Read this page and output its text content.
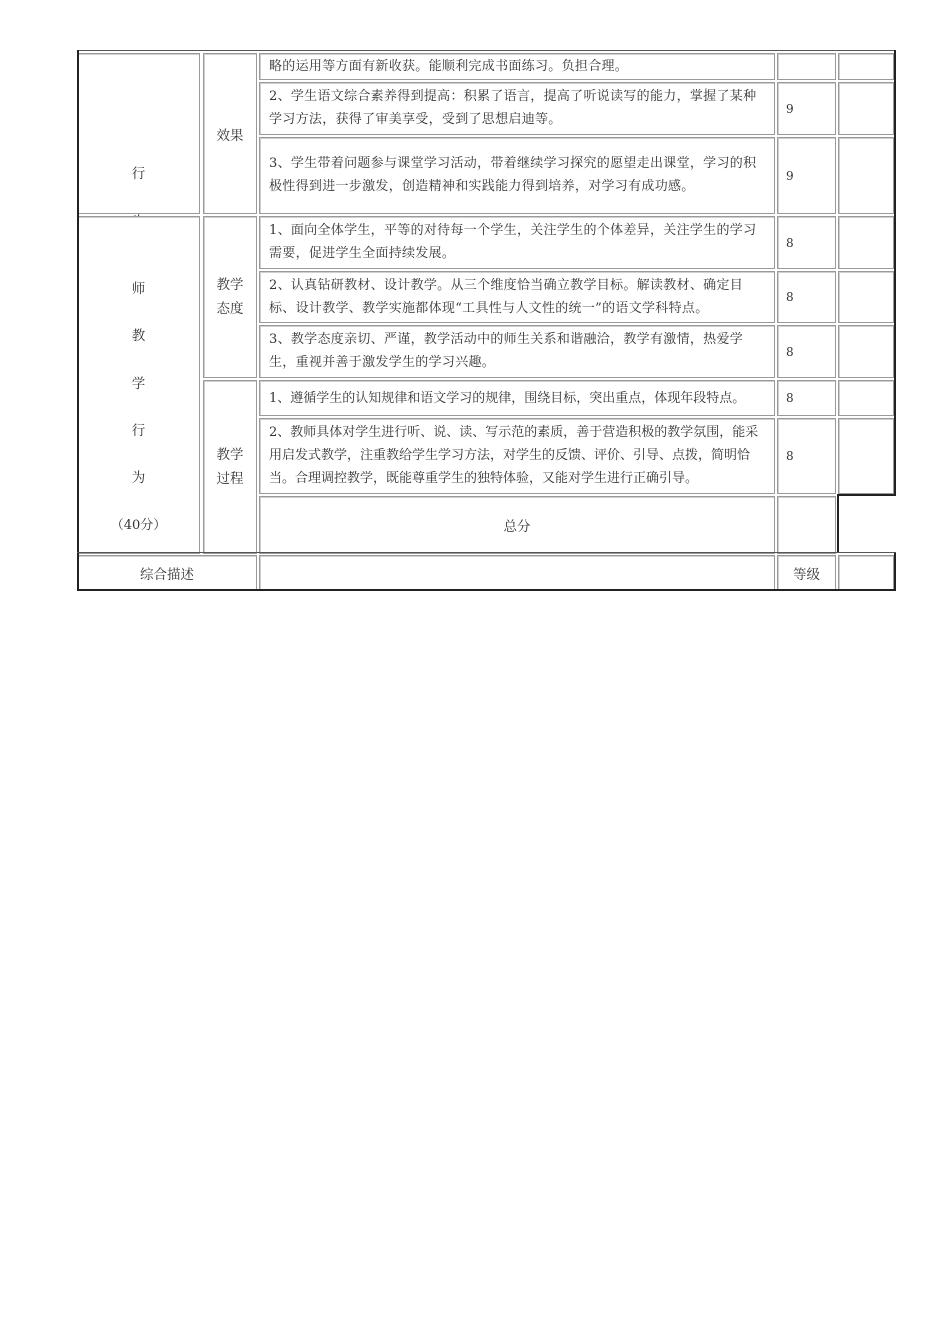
行
师
教
学
行
为
（40分）
效果
教学
态度
教学
过程
略的运用等方面有新收获。能顺利完成书面练习。负担合理。
2、学生语文综合素养得到提高：积累了语言，提高了听说读写的能力，掌握了某种学习方法，获得了审美享受，受到了思想启迪等。
9
3、学生带着问题参与课堂学习活动，带着继续学习探究的愿望走出课堂，学习的积极性得到进一步激发，创造精神和实践能力得到培养，对学习有成功感。
9
1、面向全体学生，平等的对待每一个学生，关注学生的个体差异，关注学生的学习需要，促进学生全面持续发展。
8
2、认真钻研教材、设计教学。从三个维度恰当确立教学目标。解读教材、确定目标、设计教学、教学实施都体现“工具性与人文性的统一”的语文学科特点。
8
3、教学态度亲切、严谨，教学活动中的师生关系和谐融洽，教学有激情，热爱学生，重视并善于激发学生的学习兴趣。
8
1、遵循学生的认知规律和语文学习的规律，围绕目标，突出重点，体现年段特点。	8
2、教师具体对学生进行听、说、读、写示范的素质，善于营造积极的教学氛围，能采用启发式教学，注重教给学生学习方法，对学生的反馈、评价、引导、点拨，简明恰当。合理调控教学，既能尊重学生的独特体验，又能对学生进行正确引导。
8
总分
综合描述	等级
